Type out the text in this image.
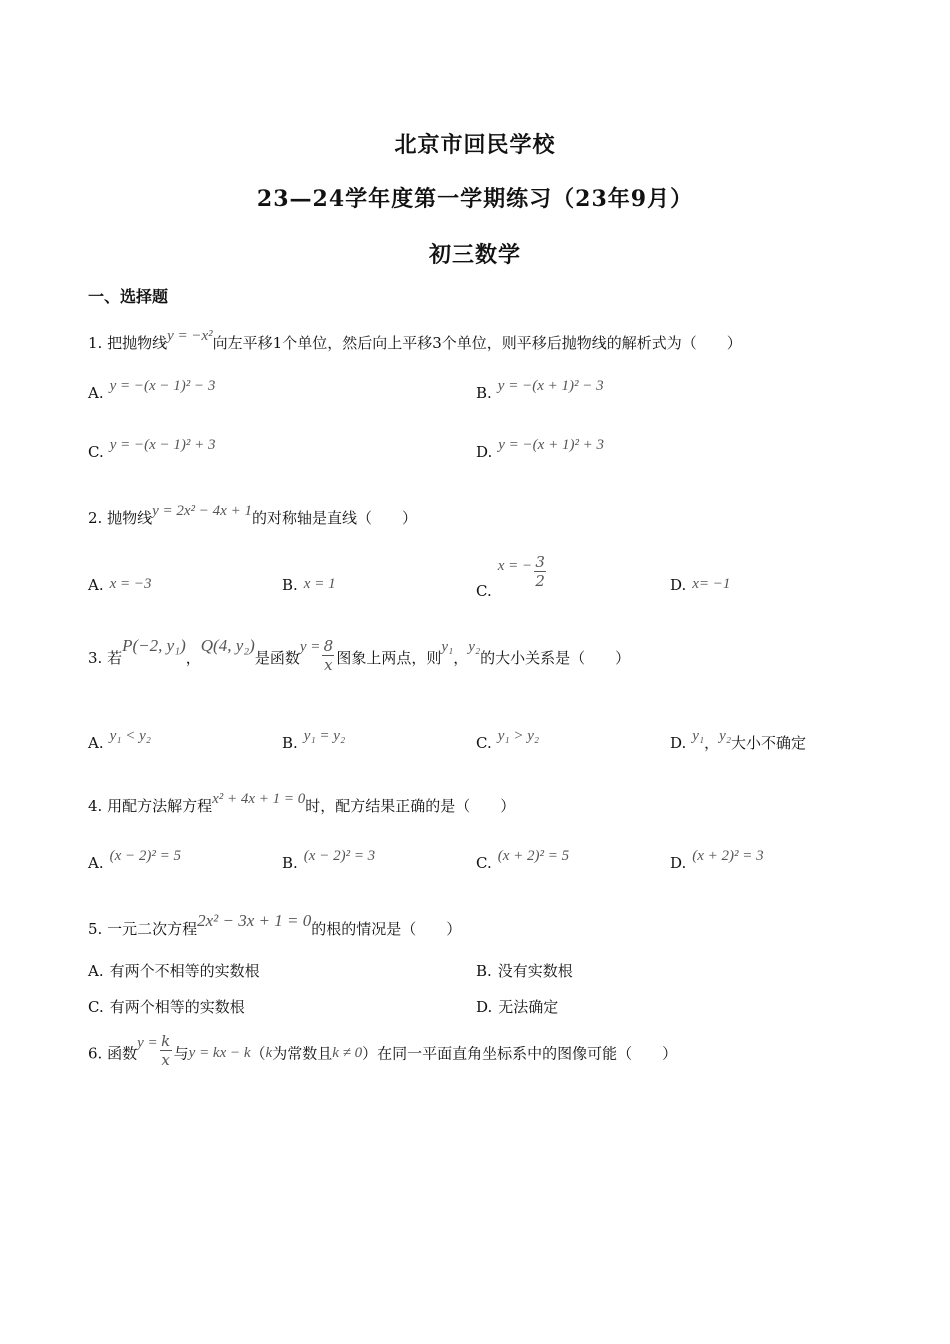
北京市回民学校
23—24学年度第一学期练习（23年9月）
初三数学
一、选择题
1. 把抛物线y = −x²向左平移1个单位，然后向上平移3个单位，则平移后抛物线的解析式为（　　）
A. y = −(x − 1)² − 3	B. y = −(x + 1)² − 3
C. y = −(x − 1)² + 3	D. y = −(x + 1)² + 3
2. 抛物线y = 2x² − 4x + 1的对称轴是直线（　　）
A. x = −3	B. x = 1	C.x = − $\frac{3}{2}$	D. x= −1
3. 若P(−2, y₁)，Q(4, y₂)是函数$y = \frac{8}{x}$ 图象上两点，则y₁，y₂的大小关系是（　　）
A. y₁ < y₂	B. y₁ = y₂	C. y₁ > y₂	D. y₁，y₂大小不确定
4. 用配方法解方程x² + 4x + 1 = 0时，配方结果正确的是（　　）
A. (x − 2)² = 5	B. (x − 2)² = 3	C. (x + 2)² = 5	D. (x + 2)² = 3
5. 一元二次方程2x² − 3x + 1 = 0的根的情况是（　　）
A. 有两个不相等的实数根	B. 没有实数根
C. 有两个相等的实数根	D. 无法确定
6. 函数$y = \frac{k}{x}$ 与y = kx − k（k为常数且k ≠ 0）在同一平面直角坐标系中的图像可能（　　）
